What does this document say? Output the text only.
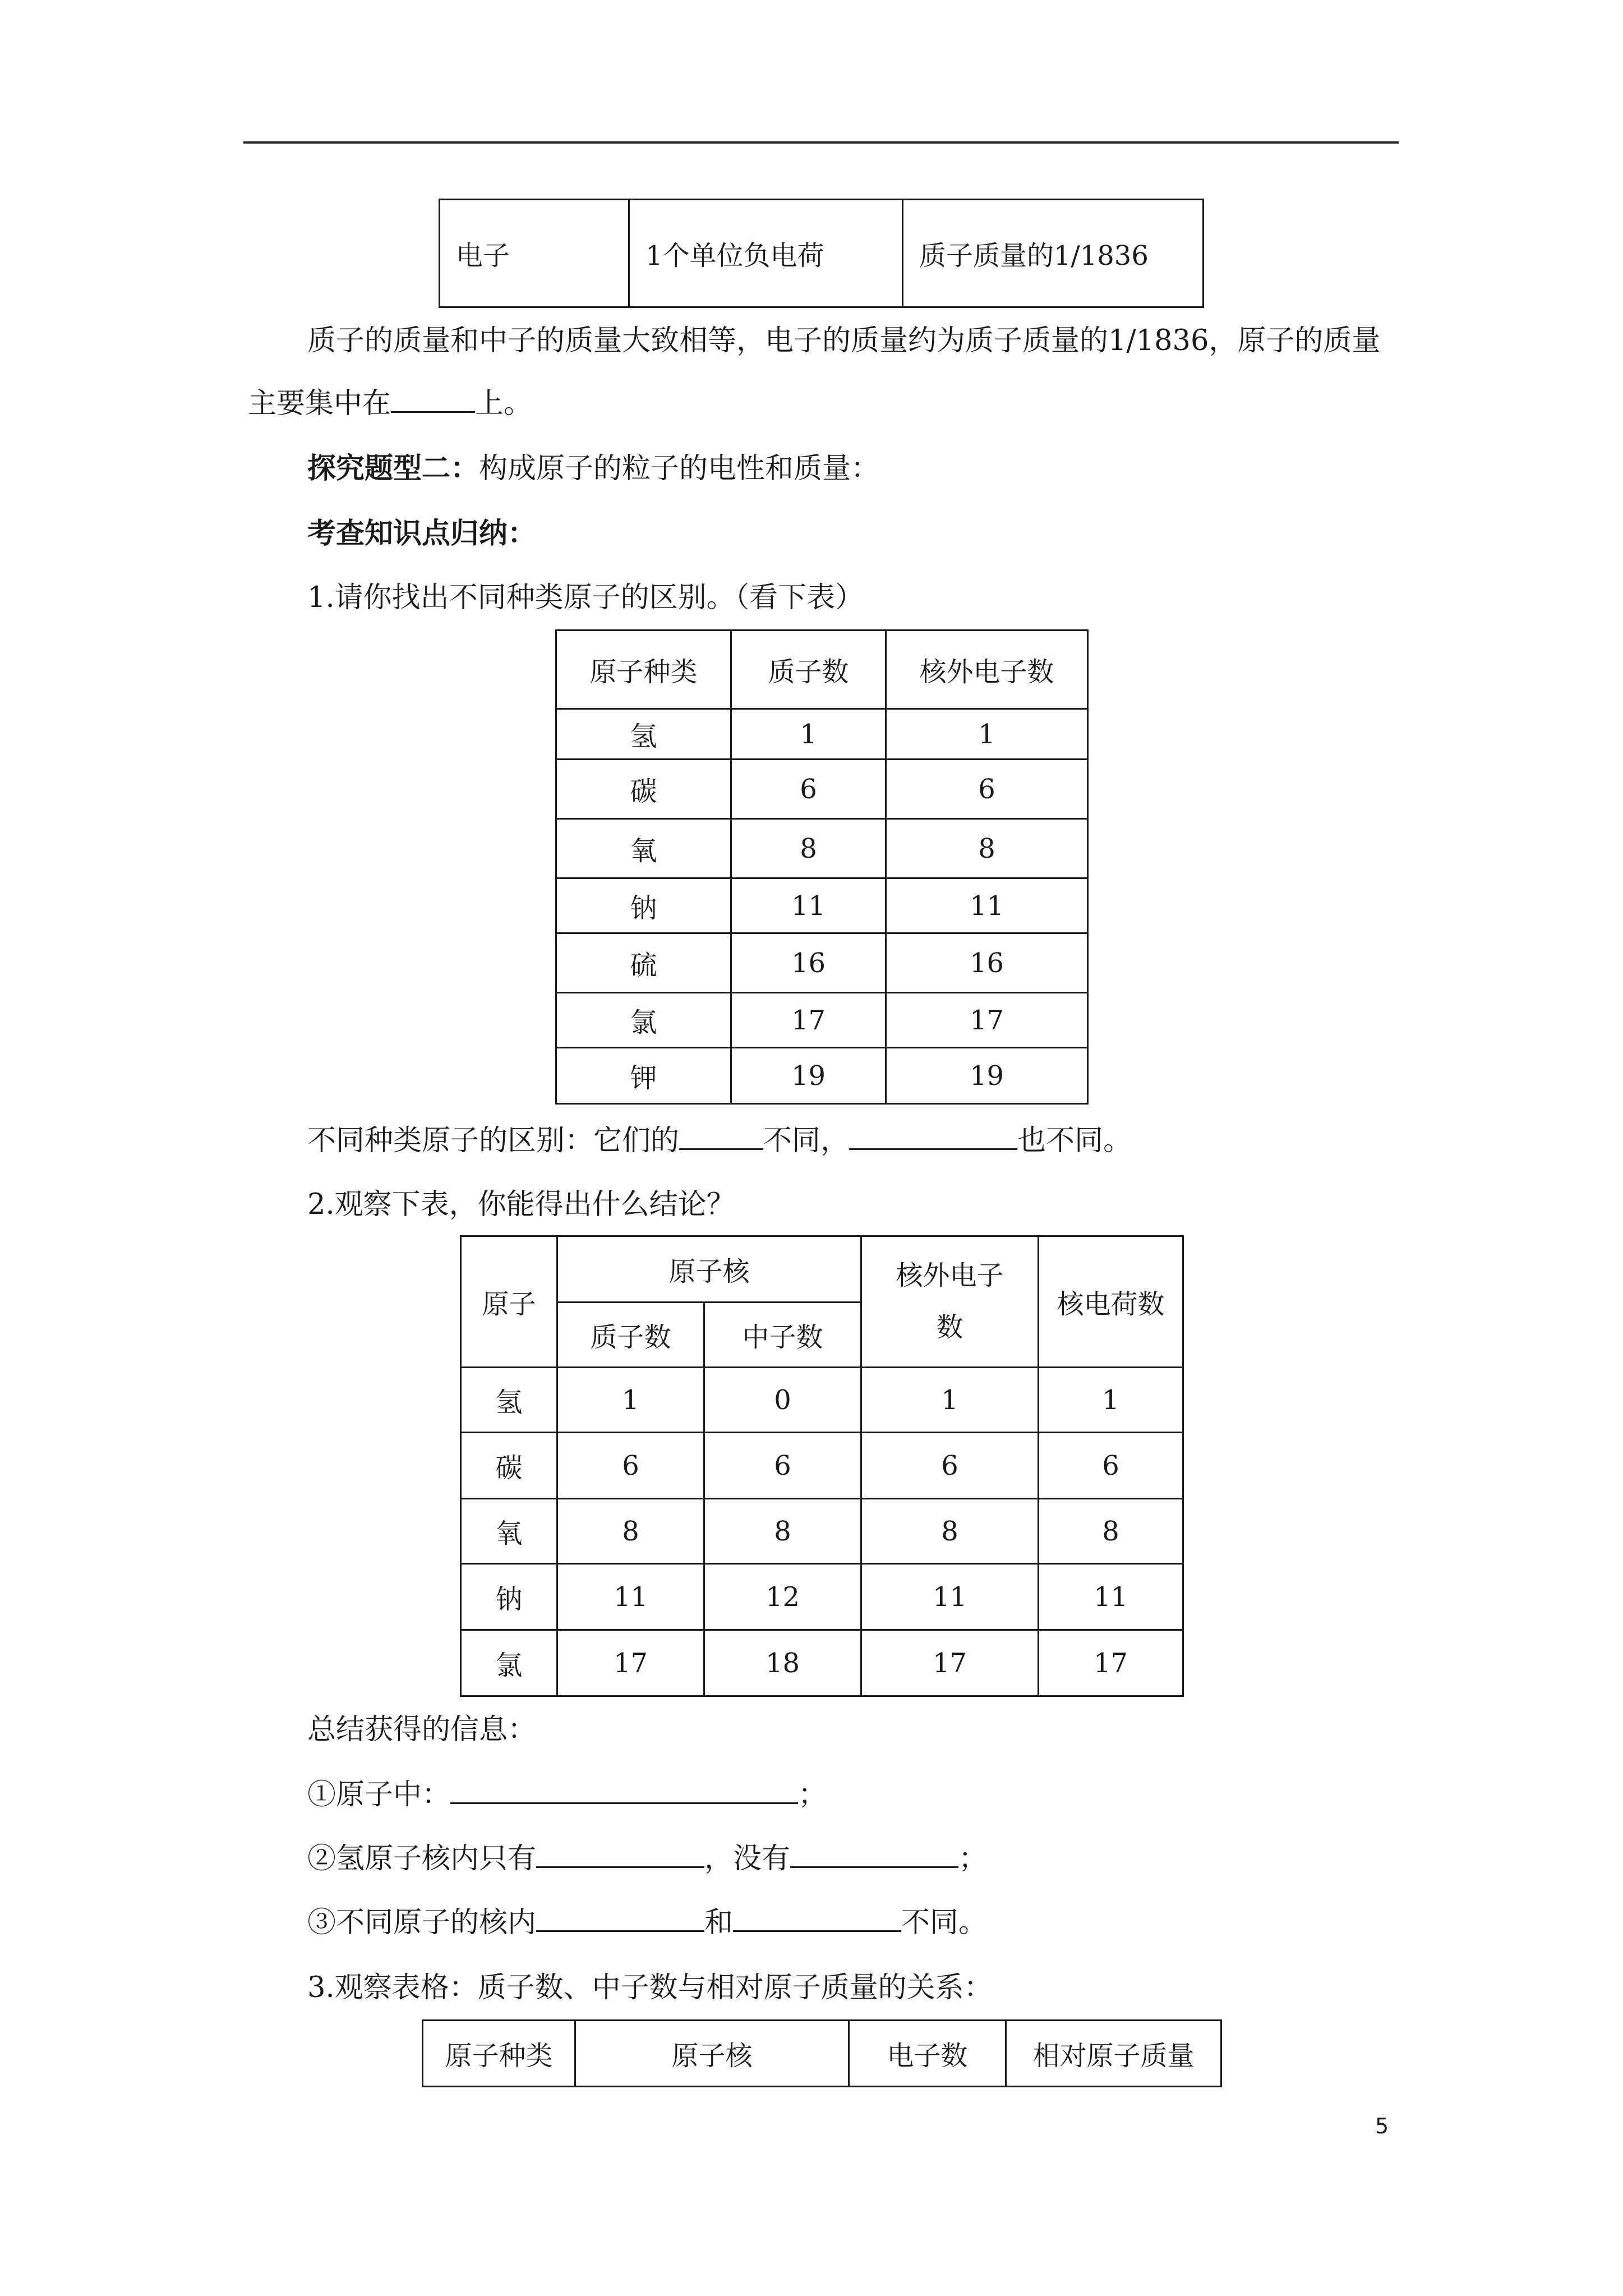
电子	1个单位负电荷	质子质量的1/1836
质子的质量和中子的质量大致相等，电子的质量约为质子质量的1/1836，原子的质量
主要集中在	上。
探究题型二：构成原子的粒子的电性和质量：
考查知识点归纳：
1.请你找出不同种类原子的区别。（看下表）
原子种类	质子数	核外电子数
氢	1	1
碳	6	6
氧	8	8
钠	11	11
硫	16	16
氯	17	17
钾	19	19
不同种类原子的区别：它们的	不同，	也不同。
2.观察下表，你能得出什么结论？
原子	原子核		核外电子数	核电荷数
	质子数	中子数		
氢	1	0	1	1
碳	6	6	6	6
氧	8	8	8	8
钠	11	12	11	11
氯	17	18	17	17
总结获得的信息：
①原子中：	；
②氢原子核内只有	，没有	；
③不同原子的核内	和	不同。
3.观察表格：质子数、中子数与相对原子质量的关系：
原子种类	原子核	电子数	相对原子质量
5
